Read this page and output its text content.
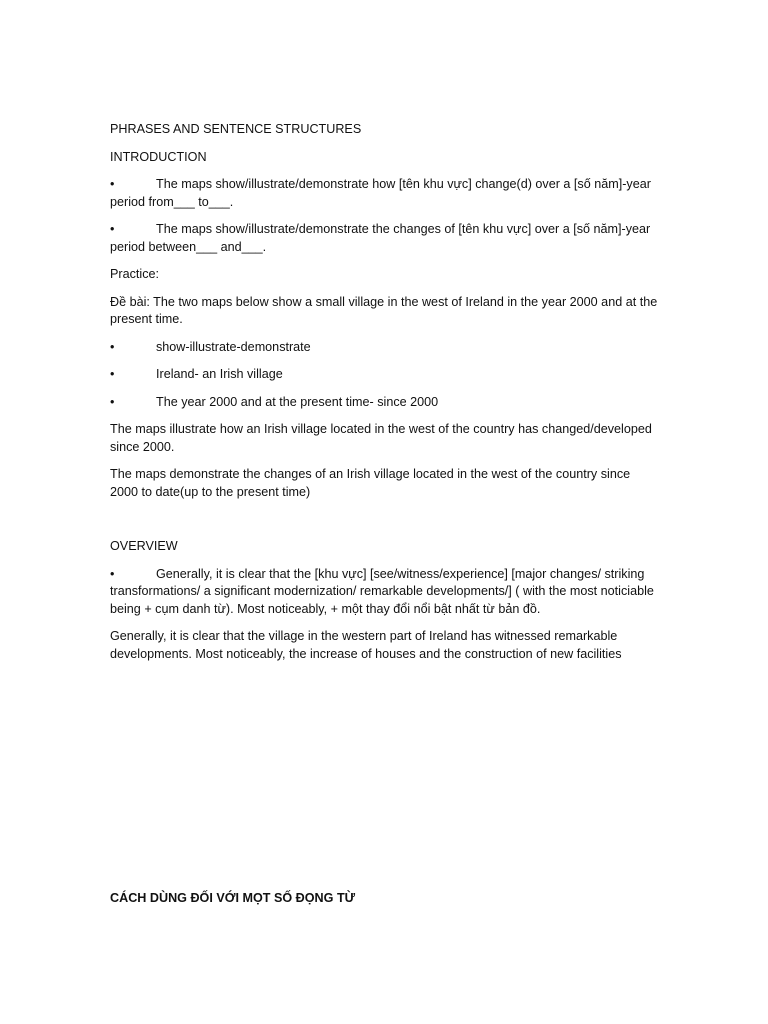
PHRASES AND SENTENCE STRUCTURES

INTRODUCTION

•	The maps show/illustrate/demonstrate how [tên khu vực] change(d) over a [số năm]-year period from___ to___.

•	The maps show/illustrate/demonstrate the changes of [tên khu vực] over a [số năm]-year period between___ and___.

Practice:

Đề bài: The two maps below show a small village in the west of Ireland in the year 2000 and at the present time.

•	show-illustrate-demonstrate

•	Ireland- an Irish village

•	The year 2000 and at the present time- since 2000

The maps illustrate how an Irish village located in the west of the country has changed/developed since 2000.

The maps demonstrate the changes of an Irish village located in the west of the country since 2000 to date(up to the present time)

OVERVIEW

•	Generally, it is clear that the [khu vực] [see/witness/experience] [major changes/ striking transformations/ a significant modernization/ remarkable developments/] ( with the most noticiable being + cụm danh từ). Most noticeably, + một thay đổi nổi bật nhất từ bản đồ.

Generally, it is clear that the village in the western part of Ireland has witnessed remarkable developments. Most noticeably, the increase of houses and the construction of new facilities

CÁCH DÙNG ĐỐI VỚI MỌT SỐ ĐỌNG TỪ
